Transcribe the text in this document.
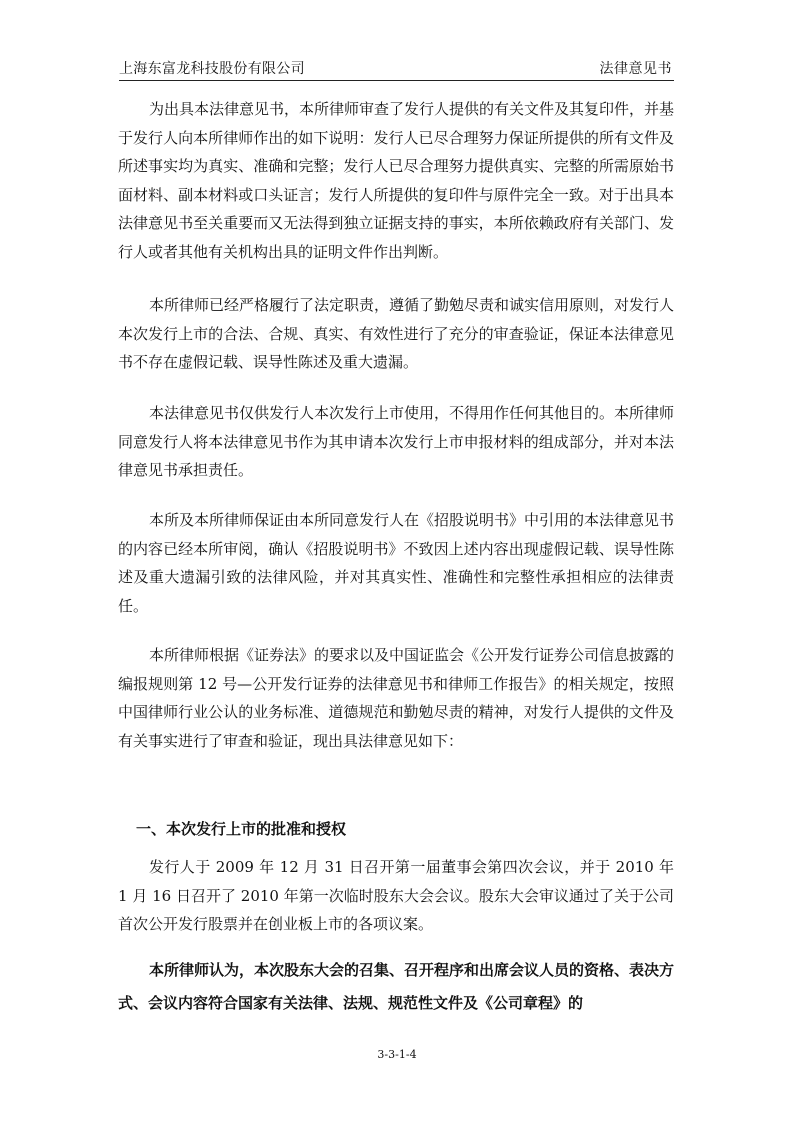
上海东富龙科技股份有限公司	法律意见书

为出具本法律意见书，本所律师审查了发行人提供的有关文件及其复印件，并基于发行人向本所律师作出的如下说明：发行人已尽合理努力保证所提供的所有文件及所述事实均为真实、准确和完整；发行人已尽合理努力提供真实、完整的所需原始书面材料、副本材料或口头证言；发行人所提供的复印件与原件完全一致。对于出具本法律意见书至关重要而又无法得到独立证据支持的事实，本所依赖政府有关部门、发行人或者其他有关机构出具的证明文件作出判断。

本所律师已经严格履行了法定职责，遵循了勤勉尽责和诚实信用原则，对发行人本次发行上市的合法、合规、真实、有效性进行了充分的审查验证，保证本法律意见书不存在虚假记载、误导性陈述及重大遗漏。

本法律意见书仅供发行人本次发行上市使用，不得用作任何其他目的。本所律师同意发行人将本法律意见书作为其申请本次发行上市申报材料的组成部分，并对本法律意见书承担责任。

本所及本所律师保证由本所同意发行人在《招股说明书》中引用的本法律意见书的内容已经本所审阅，确认《招股说明书》不致因上述内容出现虚假记载、误导性陈述及重大遗漏引致的法律风险，并对其真实性、准确性和完整性承担相应的法律责任。

本所律师根据《证券法》的要求以及中国证监会《公开发行证券公司信息披露的编报规则第 12 号—公开发行证券的法律意见书和律师工作报告》的相关规定，按照中国律师行业公认的业务标准、道德规范和勤勉尽责的精神，对发行人提供的文件及有关事实进行了审查和验证，现出具法律意见如下：

一、本次发行上市的批准和授权

发行人于 2009 年 12 月 31 日召开第一届董事会第四次会议，并于 2010 年 1 月 16 日召开了 2010 年第一次临时股东大会会议。股东大会审议通过了关于公司首次公开发行股票并在创业板上市的各项议案。

本所律师认为，本次股东大会的召集、召开程序和出席会议人员的资格、表决方式、会议内容符合国家有关法律、法规、规范性文件及《公司章程》的

3-3-1-4
